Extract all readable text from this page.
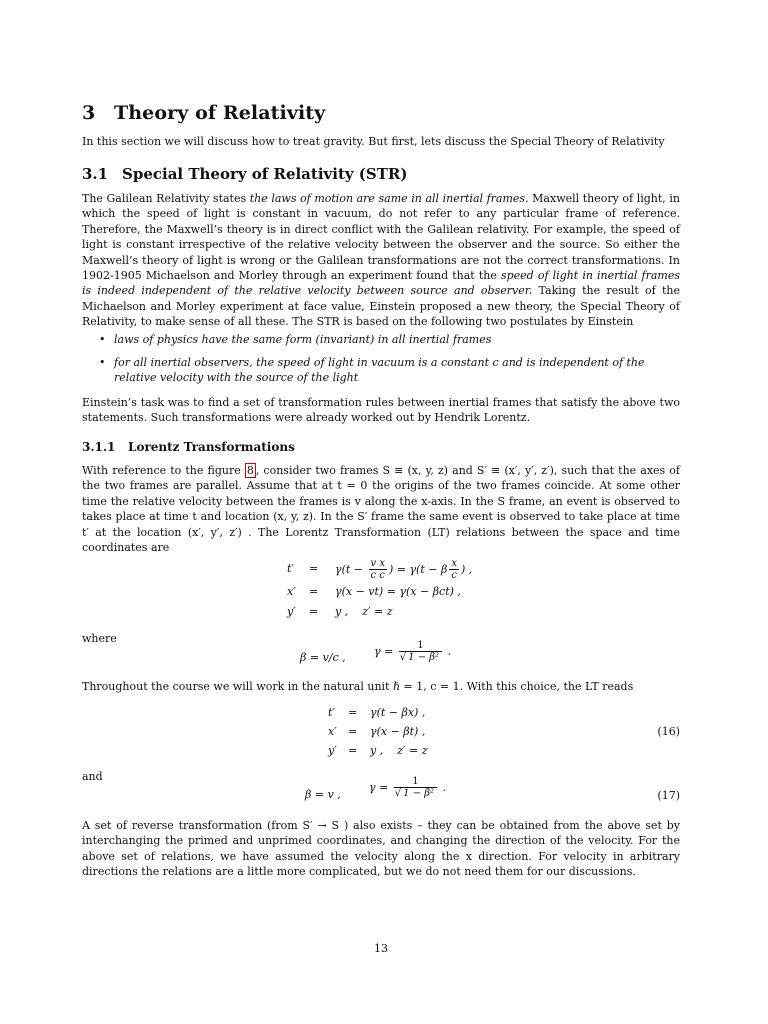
3 Theory of Relativity

In this section we will discuss how to treat gravity. But first, lets discuss the Special Theory of Relativity

3.1 Special Theory of Relativity (STR)

The Galilean Relativity states the laws of motion are same in all inertial frames. Maxwell theory of light, in which the speed of light is constant in vacuum, do not refer to any particular frame of reference. Therefore, the Maxwell’s theory is in direct conflict with the Galilean relativity. For example, the speed of light is constant irrespective of the relative velocity between the observer and the source. So either the Maxwell’s theory of light is wrong or the Galilean transformations are not the correct transformations. In 1902-1905 Michaelson and Morley through an experiment found that the speed of light in inertial frames is indeed independent of the relative velocity between source and observer. Taking the result of the Michaelson and Morley experiment at face value, Einstein proposed a new theory, the Special Theory of Relativity, to make sense of all these. The STR is based on the following two postulates by Einstein

• laws of physics have the same form (invariant) in all inertial frames
• for all inertial observers, the speed of light in vacuum is a constant c and is independent of the relative velocity with the source of the light

Einstein’s task was to find a set of transformation rules between inertial frames that satisfy the above two statements. Such transformations were already worked out by Hendrik Lorentz.

3.1.1 Lorentz Transformations

With reference to the figure 8 , consider two frames S ≡ (x, y, z) and S′ ≡ (x′, y′, z′), such that the axes of the two frames are parallel. Assume that at t = 0 the origins of the two frames coincide. At some other time the relative velocity between the frames is v along the x-axis. In the S frame, an event is observed to takes place at time t and location (x, y, z). In the S′ frame the same event is observed to take place at time t′ at the location (x′, y′, z′) . The Lorentz Transformation (LT) relations between the space and time coordinates are

$t' = \gamma(t - \frac{\text{v x}}{\text{c c}}$ ) = γ(t − β $\frac{x}{c}$ ) ,
x′ = γ(x − vt) = γ(x − βct) ,
y′ = y ,    z′ = z

where

β = v/c ,	$\gamma = \frac{1}{\text{√ 1 − β²}}$ .

Throughout the course we will work in the natural unit ℏ = 1, c = 1. With this choice, the LT reads

t′ = γ(t − βx) ,
x′ = γ(x − βt) ,
y′ = y ,    z′ = z
(16)

and

β = v ,
$\gamma = \frac{1}{\text{√ 1 − β²}}$ .
(17)

A set of reverse transformation (from S′ → S ) also exists – they can be obtained from the above set by interchanging the primed and unprimed coordinates, and changing the direction of the velocity. For the above set of relations, we have assumed the velocity along the x direction. For velocity in arbitrary directions the relations are a little more complicated, but we do not need them for our discussions.

13
